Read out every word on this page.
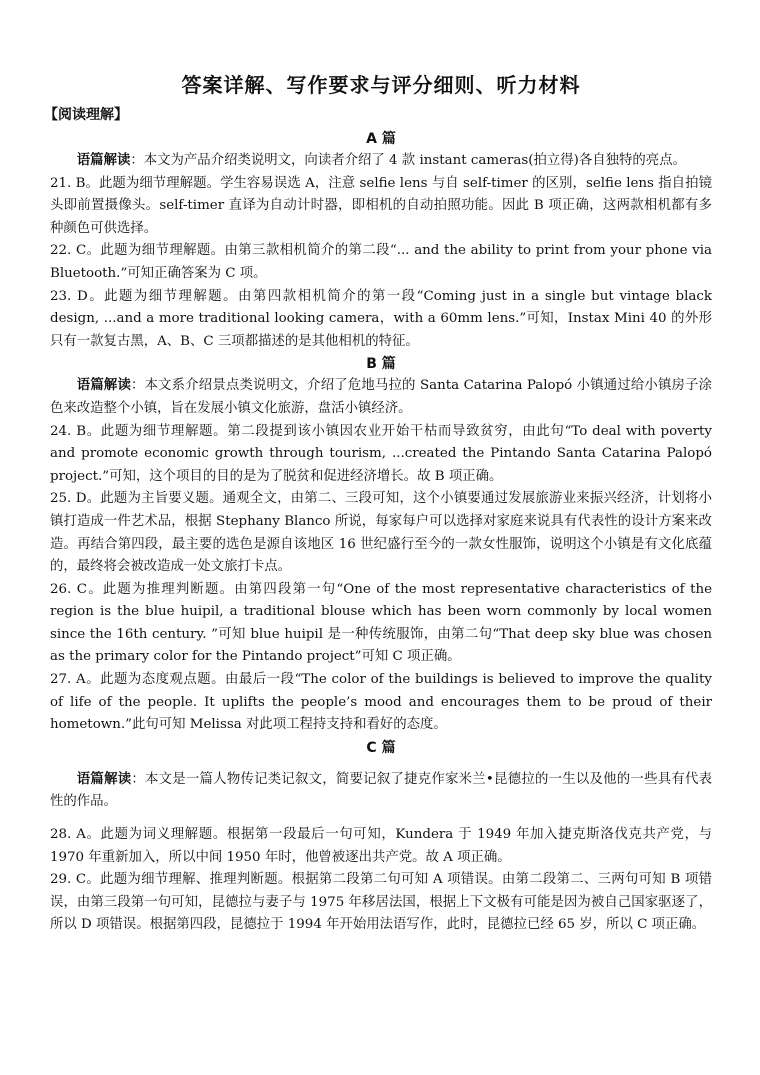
答案详解、写作要求与评分细则、听力材料
【阅读理解】
A 篇

语篇解读：本文为产品介绍类说明文，向读者介绍了 4 款 instant cameras(拍立得)各自独特的亮点。

21. B。此题为细节理解题。学生容易误选 A，注意 selfie lens 与自 self-timer 的区别，selfie lens 指自拍镜头即前置摄像头。self-timer 直译为自动计时器，即相机的自动拍照功能。因此 B 项正确，这两款相机都有多种颜色可供选择。

22. C。此题为细节理解题。由第三款相机简介的第二段“... and the ability to print from your phone via Bluetooth.”可知正确答案为 C 项。

23. D。此题为细节理解题。由第四款相机简介的第一段“Coming just in a single but vintage black design, ...and a more traditional looking camera，with a 60mm lens.”可知，Instax Mini 40 的外形只有一款复古黑，A、B、C 三项都描述的是其他相机的特征。

B 篇

语篇解读：本文系介绍景点类说明文，介绍了危地马拉的 Santa Catarina Palopó 小镇通过给小镇房子涂色来改造整个小镇，旨在发展小镇文化旅游，盘活小镇经济。

24. B。此题为细节理解题。第二段提到该小镇因农业开始干枯而导致贫穷，由此句“To deal with poverty and promote economic growth through tourism, ...created the Pintando Santa Catarina Palopó project.”可知，这个项目的目的是为了脱贫和促进经济增长。故 B 项正确。

25. D。此题为主旨要义题。通观全文，由第二、三段可知，这个小镇要通过发展旅游业来振兴经济，计划将小镇打造成一件艺术品，根据 Stephany Blanco 所说，每家每户可以选择对家庭来说具有代表性的设计方案来改造。再结合第四段，最主要的选色是源自该地区 16 世纪盛行至今的一款女性服饰，说明这个小镇是有文化底蕴的，最终将会被改造成一处文旅打卡点。

26. C。此题为推理判断题。由第四段第一句“One of the most representative characteristics of the region is the blue huipil, a traditional blouse which has been worn commonly by local women since the 16th century. ”可知 blue huipil 是一种传统服饰，由第二句“That deep sky blue was chosen as the primary color for the Pintando project”可知 C 项正确。

27. A。此题为态度观点题。由最后一段“The color of the buildings is believed to improve the quality of life of the people. It uplifts the people’s mood and encourages them to be proud of their hometown.”此句可知 Melissa 对此项工程持支持和看好的态度。

C 篇

语篇解读：本文是一篇人物传记类记叙文，简要记叙了捷克作家米兰•昆德拉的一生以及他的一些具有代表性的作品。

28. A。此题为词义理解题。根据第一段最后一句可知，Kundera 于 1949 年加入捷克斯洛伐克共产党，与 1970 年重新加入，所以中间 1950 年时，他曾被逐出共产党。故 A 项正确。

29. C。此题为细节理解、推理判断题。根据第二段第二句可知 A 项错误。由第二段第二、三两句可知 B 项错误，由第三段第一句可知，昆德拉与妻子与 1975 年移居法国，根据上下文极有可能是因为被自己国家驱逐了，所以 D 项错误。根据第四段，昆德拉于 1994 年开始用法语写作，此时，昆德拉已经 65 岁，所以 C 项正确。
